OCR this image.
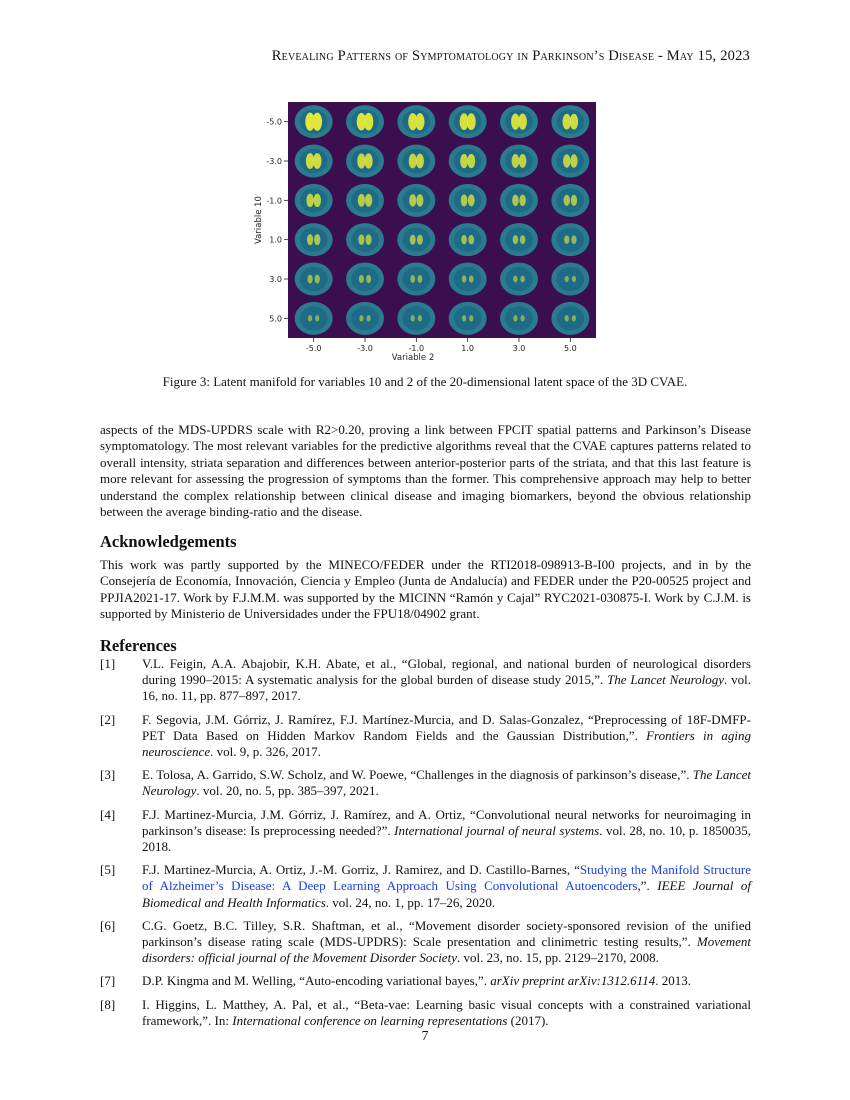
Revealing Patterns of Symptomatology in Parkinson’s Disease - May 15, 2023
-5.0	-3.0	-1.0	1.0	3.0	5.0
-5.0
-3.0
-1.0
1.0
3.0
5.0
Variable 2
Variable 10
Figure 3: Latent manifold for variables 10 and 2 of the 20-dimensional latent space of the 3D CVAE.
aspects of the MDS-UPDRS scale with R2>0.20, proving a link between FPCIT spatial patterns and Parkinson’s Disease symptomatology. The most relevant variables for the predictive algorithms reveal that the CVAE captures patterns related to overall intensity, striata separation and differences between anterior-posterior parts of the striata, and that this last feature is more relevant for assessing the progression of symptoms than the former. This comprehensive approach may help to better understand the complex relationship between clinical disease and imaging biomarkers, beyond the obvious relationship between the average binding-ratio and the disease.
Acknowledgements
This work was partly supported by the MINECO/FEDER under the RTI2018-098913-B-I00 projects, and in by the Consejería de Economía, Innovación, Ciencia y Empleo (Junta de Andalucía) and FEDER under the P20-00525 project and PPJIA2021-17. Work by F.J.M.M. was supported by the MICINN “Ramón y Cajal” RYC2021-030875-I. Work by C.J.M. is supported by Ministerio de Universidades under the FPU18/04902 grant.
References
[1]	V.L. Feigin, A.A. Abajobir, K.H. Abate, et al., “Global, regional, and national burden of neurological disorders during 1990–2015: A systematic analysis for the global burden of disease study 2015,”. The Lancet Neurology. vol. 16, no. 11, pp. 877–897, 2017.
[2]	F. Segovia, J.M. Górriz, J. Ramírez, F.J. Martínez-Murcia, and D. Salas-Gonzalez, “Preprocessing of 18F-DMFP-PET Data Based on Hidden Markov Random Fields and the Gaussian Distribution,”. Frontiers in aging neuroscience. vol. 9, p. 326, 2017.
[3]	E. Tolosa, A. Garrido, S.W. Scholz, and W. Poewe, “Challenges in the diagnosis of parkinson’s disease,”. The Lancet Neurology. vol. 20, no. 5, pp. 385–397, 2021.
[4]	F.J. Martinez-Murcia, J.M. Górriz, J. Ramírez, and A. Ortiz, “Convolutional neural networks for neuroimaging in parkinson’s disease: Is preprocessing needed?”. International journal of neural systems. vol. 28, no. 10, p. 1850035, 2018.
[5]	F.J. Martinez-Murcia, A. Ortiz, J.-M. Gorriz, J. Ramirez, and D. Castillo-Barnes, “Studying the Manifold Structure of Alzheimer’s Disease: A Deep Learning Approach Using Convolutional Autoencoders,”. IEEE Journal of Biomedical and Health Informatics. vol. 24, no. 1, pp. 17–26, 2020.
[6]	C.G. Goetz, B.C. Tilley, S.R. Shaftman, et al., “Movement disorder society-sponsored revision of the unified parkinson’s disease rating scale (MDS-UPDRS): Scale presentation and clinimetric testing results,”. Movement disorders: official journal of the Movement Disorder Society. vol. 23, no. 15, pp. 2129–2170, 2008.
[7]	D.P. Kingma and M. Welling, “Auto-encoding variational bayes,”. arXiv preprint arXiv:1312.6114. 2013.
[8]	I. Higgins, L. Matthey, A. Pal, et al., “Beta-vae: Learning basic visual concepts with a constrained variational framework,”. In: International conference on learning representations (2017).
7
